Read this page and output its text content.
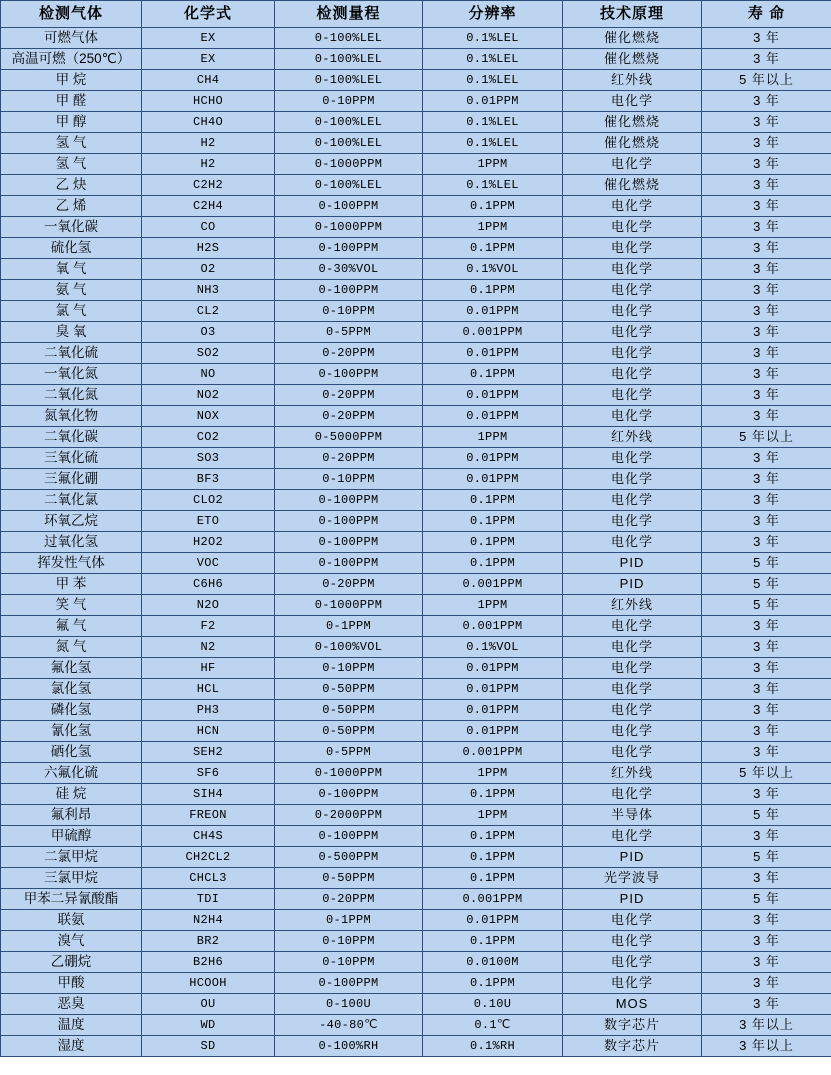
检测气体	化学式	检测量程	分辨率	技术原理	寿 命
可燃气体	EX	0-100%LEL	0.1%LEL	催化燃烧	3 年
高温可燃（250℃）	EX	0-100%LEL	0.1%LEL	催化燃烧	3 年
甲 烷	CH4	0-100%LEL	0.1%LEL	红外线	5 年以上
甲 醛	HCHO	0-10PPM	0.01PPM	电化学	3 年
甲 醇	CH4O	0-100%LEL	0.1%LEL	催化燃烧	3 年
氢 气	H2	0-100%LEL	0.1%LEL	催化燃烧	3 年
氢 气	H2	0-1000PPM	1PPM	电化学	3 年
乙 炔	C2H2	0-100%LEL	0.1%LEL	催化燃烧	3 年
乙 烯	C2H4	0-100PPM	0.1PPM	电化学	3 年
一氧化碳	CO	0-1000PPM	1PPM	电化学	3 年
硫化氢	H2S	0-100PPM	0.1PPM	电化学	3 年
氧 气	O2	0-30%VOL	0.1%VOL	电化学	3 年
氨 气	NH3	0-100PPM	0.1PPM	电化学	3 年
氯 气	CL2	0-10PPM	0.01PPM	电化学	3 年
臭 氧	O3	0-5PPM	0.001PPM	电化学	3 年
二氧化硫	SO2	0-20PPM	0.01PPM	电化学	3 年
一氧化氮	NO	0-100PPM	0.1PPM	电化学	3 年
二氧化氮	NO2	0-20PPM	0.01PPM	电化学	3 年
氮氧化物	NOX	0-20PPM	0.01PPM	电化学	3 年
二氧化碳	CO2	0-5000PPM	1PPM	红外线	5 年以上
三氧化硫	SO3	0-20PPM	0.01PPM	电化学	3 年
三氟化硼	BF3	0-10PPM	0.01PPM	电化学	3 年
二氧化氯	CLO2	0-100PPM	0.1PPM	电化学	3 年
环氧乙烷	ETO	0-100PPM	0.1PPM	电化学	3 年
过氧化氢	H2O2	0-100PPM	0.1PPM	电化学	3 年
挥发性气体	VOC	0-100PPM	0.1PPM	PID	5 年
甲 苯	C6H6	0-20PPM	0.001PPM	PID	5 年
笑 气	N2O	0-1000PPM	1PPM	红外线	5 年
氟 气	F2	0-1PPM	0.001PPM	电化学	3 年
氮 气	N2	0-100%VOL	0.1%VOL	电化学	3 年
氟化氢	HF	0-10PPM	0.01PPM	电化学	3 年
氯化氢	HCL	0-50PPM	0.01PPM	电化学	3 年
磷化氢	PH3	0-50PPM	0.01PPM	电化学	3 年
氰化氢	HCN	0-50PPM	0.01PPM	电化学	3 年
硒化氢	SEH2	0-5PPM	0.001PPM	电化学	3 年
六氟化硫	SF6	0-1000PPM	1PPM	红外线	5 年以上
硅 烷	SIH4	0-100PPM	0.1PPM	电化学	3 年
氟利昂	FREON	0-2000PPM	1PPM	半导体	5 年
甲硫醇	CH4S	0-100PPM	0.1PPM	电化学	3 年
二氯甲烷	CH2CL2	0-500PPM	0.1PPM	PID	5 年
三氯甲烷	CHCL3	0-50PPM	0.1PPM	光学波导	3 年
甲苯二异氰酸酯	TDI	0-20PPM	0.001PPM	PID	5 年
联氨	N2H4	0-1PPM	0.01PPM	电化学	3 年
溴气	BR2	0-10PPM	0.1PPM	电化学	3 年
乙硼烷	B2H6	0-10PPM	0.0100M	电化学	3 年
甲酸	HCOOH	0-100PPM	0.1PPM	电化学	3 年
恶臭	OU	0-100U	0.10U	MOS	3 年
温度	WD	-40-80℃	0.1℃	数字芯片	3 年以上
湿度	SD	0-100%RH	0.1%RH	数字芯片	3 年以上
